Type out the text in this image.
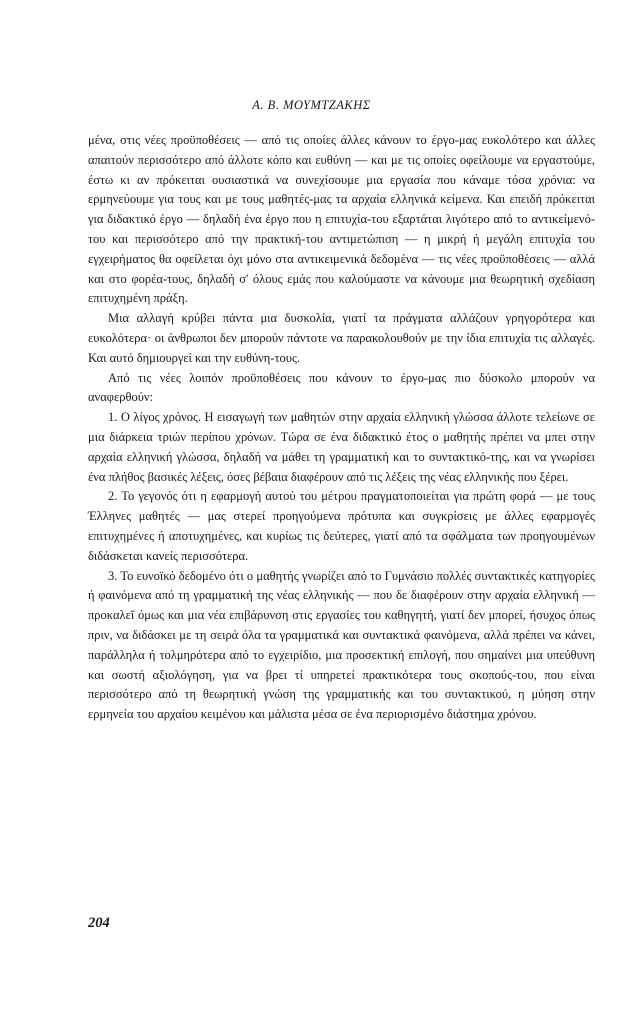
Α. Β. ΜΟΥΜΤΖΑΚΗΣ

μένα, στις νέες προϋποθέσεις — από τις οποίες άλλες κάνουν το έργο-μας ευκολότερο και άλλες απαιτούν περισσότερο από άλλοτε κόπο και ευθύνη — και με τις οποίες οφείλουμε να εργαστούμε, έστω κι αν πρόκειται ουσιαστικά να συνεχίσουμε μια εργασία που κάναμε τόσα χρόνια: να ερμηνεύουμε για τους και με τους μαθητές-μας τα αρχαία ελληνικά κείμενα. Και επειδή πρόκειται για διδακτικό έργο — δηλαδή ένα έργο που η επιτυχία-του εξαρτάται λιγότερο από το αντικείμενό-του και περισσότερο από την πρακτική-του αντιμετώπιση — η μικρή ή μεγάλη επιτυχία του εγχειρήματος θα οφείλεται όχι μόνο στα αντικειμενικά δεδομένα — τις νέες προϋποθέσεις — αλλά και στο φορέα-τους, δηλαδή σ' όλους εμάς που καλούμαστε να κάνουμε μια θεωρητική σχεδίαση επιτυχημένη πράξη.

Μια αλλαγή κρύβει πάντα μια δυσκολία, γιατί τα πράγματα αλλάζουν γρηγορότερα και ευκολότερα· οι άνθρωποι δεν μπορούν πάντοτε να παρακολουθούν με την ίδια επιτυχία τις αλλαγές. Και αυτό δημιουργεί και την ευθύνη-τους.

Από τις νέες λοιπόν προϋποθέσεις που κάνουν το έργο-μας πιο δύσκολο μπορούν να αναφερθούν:

1. Ο λίγος χρόνος. Η εισαγωγή των μαθητών στην αρχαία ελληνική γλώσσα άλλοτε τελείωνε σε μια διάρκεια τριών περίπου χρόνων. Τώρα σε ένα διδακτικό έτος ο μαθητής πρέπει να μπει στην αρχαία ελληνική γλώσσα, δηλαδή να μάθει τη γραμματική και το συντακτικό-της, και να γνωρίσει ένα πλήθος βασικές λέξεις, όσες βέβαια διαφέρουν από τις λέξεις της νέας ελληνικής που ξέρει.

2. Το γεγονός ότι η εφαρμογή αυτού του μέτρου πραγματοποιείται για πρώτη φορά — με τους Έλληνες μαθητές — μας στερεί προηγούμενα πρότυπα και συγκρίσεις με άλλες εφαρμογές επιτυχημένες ή αποτυχημένες, και κυρίως τις δεύτερες, γιατί από τα σφάλματα των προηγουμένων διδάσκεται κανείς περισσότερα.

3. Το ευνοϊκό δεδομένο ότι ο μαθητής γνωρίζει από το Γυμνάσιο πολλές συντακτικές κατηγορίες ή φαινόμενα από τη γραμματική της νέας ελληνικής — που δε διαφέρουν στην αρχαία ελληνική — προκαλεῖ όμως και μια νέα επιβάρυνση στις εργασίες του καθηγητή, γιατί δεν μπορεί, ήσυχος όπως πριν, να διδάσκει με τη σειρά όλα τα γραμματικά και συντακτικά φαινόμενα, αλλά πρέπει να κάνει, παράλληλα ή τολμηρότερα από το εγχειρίδιο, μια προσεκτική επιλογή, που σημαίνει μια υπεύθυνη και σωστή αξιολόγηση, για να βρει τί υπηρετεί πρακτικότερα τους σκοπούς-του, που είναι περισσότερο από τη θεωρητική γνώση της γραμματικής και του συντακτικού, η μύηση στην ερμηνεία του αρχαίου κειμένου και μάλιστα μέσα σε ένα περιορισμένο διάστημα χρόνου.

204
